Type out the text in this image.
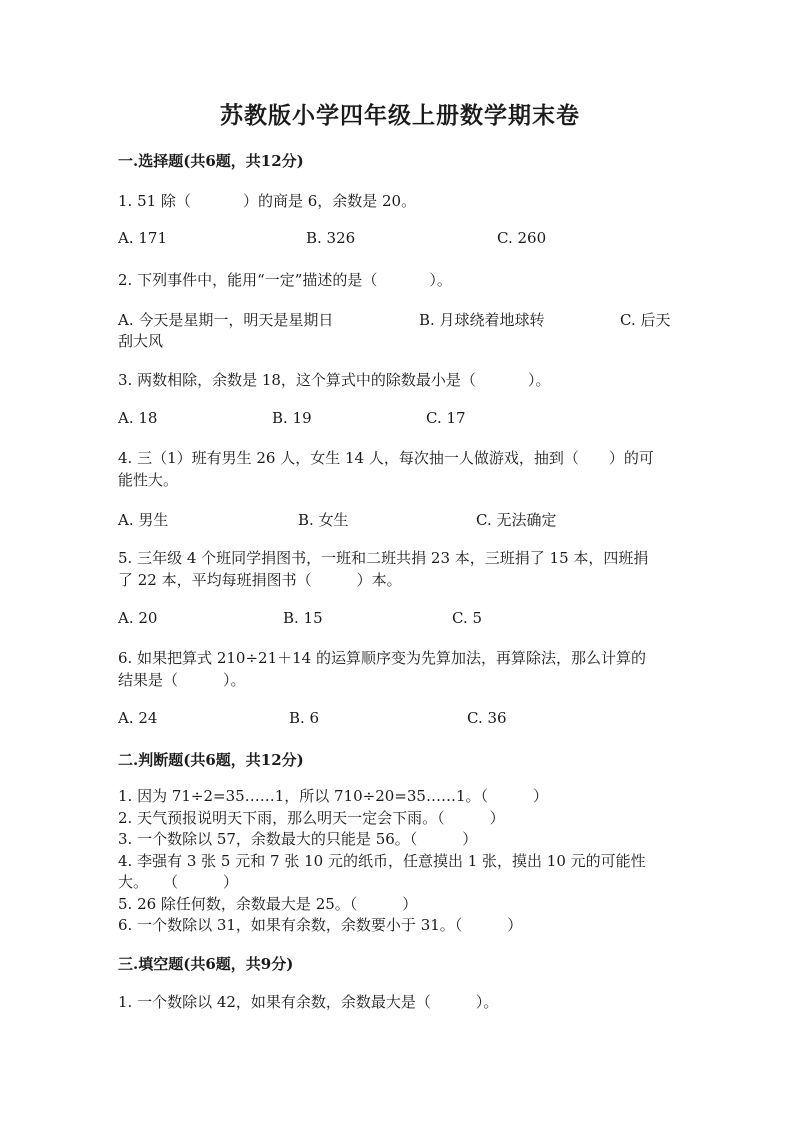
苏教版小学四年级上册数学期末卷
一.选择题(共6题，共12分)
1. 51 除（	）的商是 6，余数是 20。
A. 171	B. 326	C. 260
2. 下列事件中，能用“一定”描述的是（	）。
A. 今天是星期一，明天是星期日	B. 月球绕着地球转	C. 后天
刮大风
3. 两数相除，余数是 18，这个算式中的除数最小是（	）。
A. 18	B. 19	C. 17
4. 三（1）班有男生 26 人，女生 14 人，每次抽一人做游戏，抽到（　　）的可
能性大。
A. 男生	B. 女生	C. 无法确定
5. 三年级 4 个班同学捐图书，一班和二班共捐 23 本，三班捐了 15 本，四班捐
了 22 本，平均每班捐图书（　　　）本。
A. 20	B. 15	C. 5
6. 如果把算式 210÷21＋14 的运算顺序变为先算加法，再算除法，那么计算的
结果是（　　　）。
A. 24	B. 6	C. 36
二.判断题(共6题，共12分)
1. 因为 71÷2=35……1，所以 710÷20=35……1。（　　　）
2. 天气预报说明天下雨，那么明天一定会下雨。（　　　）
3. 一个数除以 57，余数最大的只能是 56。（　　　）
4. 李强有 3 张 5 元和 7 张 10 元的纸币，任意摸出 1 张，摸出 10 元的可能性
大。　　（　　　）
5. 26 除任何数，余数最大是 25。（　　　）
6. 一个数除以 31，如果有余数，余数要小于 31。（　　　）
三.填空题(共6题，共9分)
1. 一个数除以 42，如果有余数，余数最大是（　　　）。
